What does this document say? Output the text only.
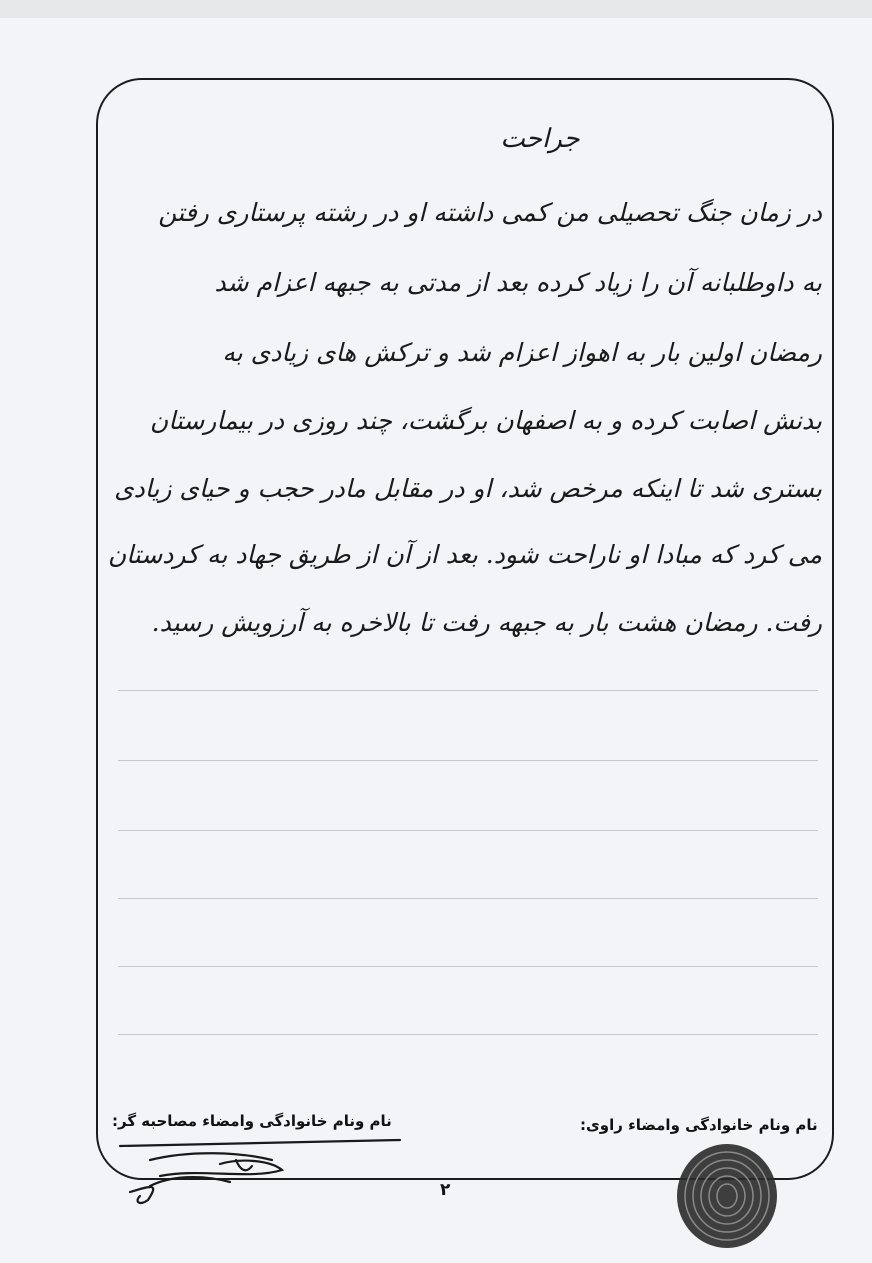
جراحت
در زمان جنگ تحصیلی من کمی داشته او در رشته پرستاری رفتن
به داوطلبانه آن را زیاد کرده بعد از مدتی به جبهه اعزام شد
رمضان اولین بار به اهواز اعزام شد و ترکش های زیادی به
بدنش اصابت کرده و به اصفهان برگشت، چند روزی در بیمارستان
بستری شد تا اینکه مرخص شد، او در مقابل مادر حجب و حیای زیادی
می کرد که مبادا او ناراحت شود. بعد از آن از طریق جهاد به کردستان
رفت. رمضان هشت بار به جبهه رفت تا بالاخره به آرزویش رسید.
نام ونام خانوادگی وامضاء مصاحبه گر:	نام ونام خانوادگی وامضاء راوی:
۲
